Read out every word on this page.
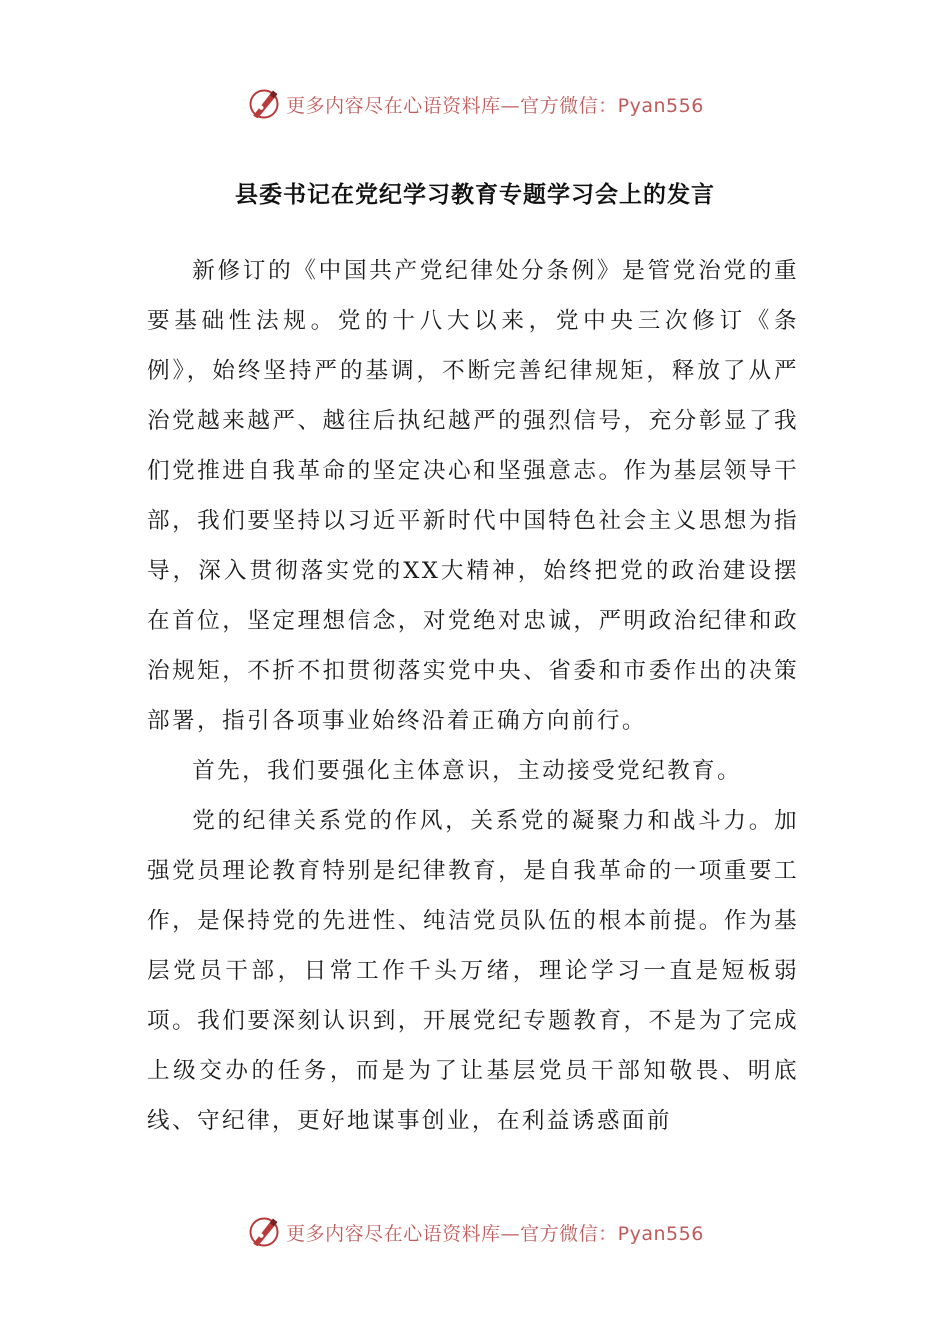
更多内容尽在心语资料库—官方微信：Pyan556
县委书记在党纪学习教育专题学习会上的发言

新修订的《中国共产党纪律处分条例》是管党治党的重要基础性法规。党的十八大以来，党中央三次修订《条例》，始终坚持严的基调，不断完善纪律规矩，释放了从严治党越来越严、越往后执纪越严的强烈信号，充分彰显了我们党推进自我革命的坚定决心和坚强意志。作为基层领导干部，我们要坚持以习近平新时代中国特色社会主义思想为指导，深入贯彻落实党的XX大精神，始终把党的政治建设摆在首位，坚定理想信念，对党绝对忠诚，严明政治纪律和政治规矩，不折不扣贯彻落实党中央、省委和市委作出的决策部署，指引各项事业始终沿着正确方向前行。

首先，我们要强化主体意识，主动接受党纪教育。

党的纪律关系党的作风，关系党的凝聚力和战斗力。加强党员理论教育特别是纪律教育，是自我革命的一项重要工作，是保持党的先进性、纯洁党员队伍的根本前提。作为基层党员干部，日常工作千头万绪，理论学习一直是短板弱项。我们要深刻认识到，开展党纪专题教育，不是为了完成上级交办的任务，而是为了让基层党员干部知敬畏、明底线、守纪律，更好地谋事创业，在利益诱惑面前

更多内容尽在心语资料库—官方微信：Pyan556
